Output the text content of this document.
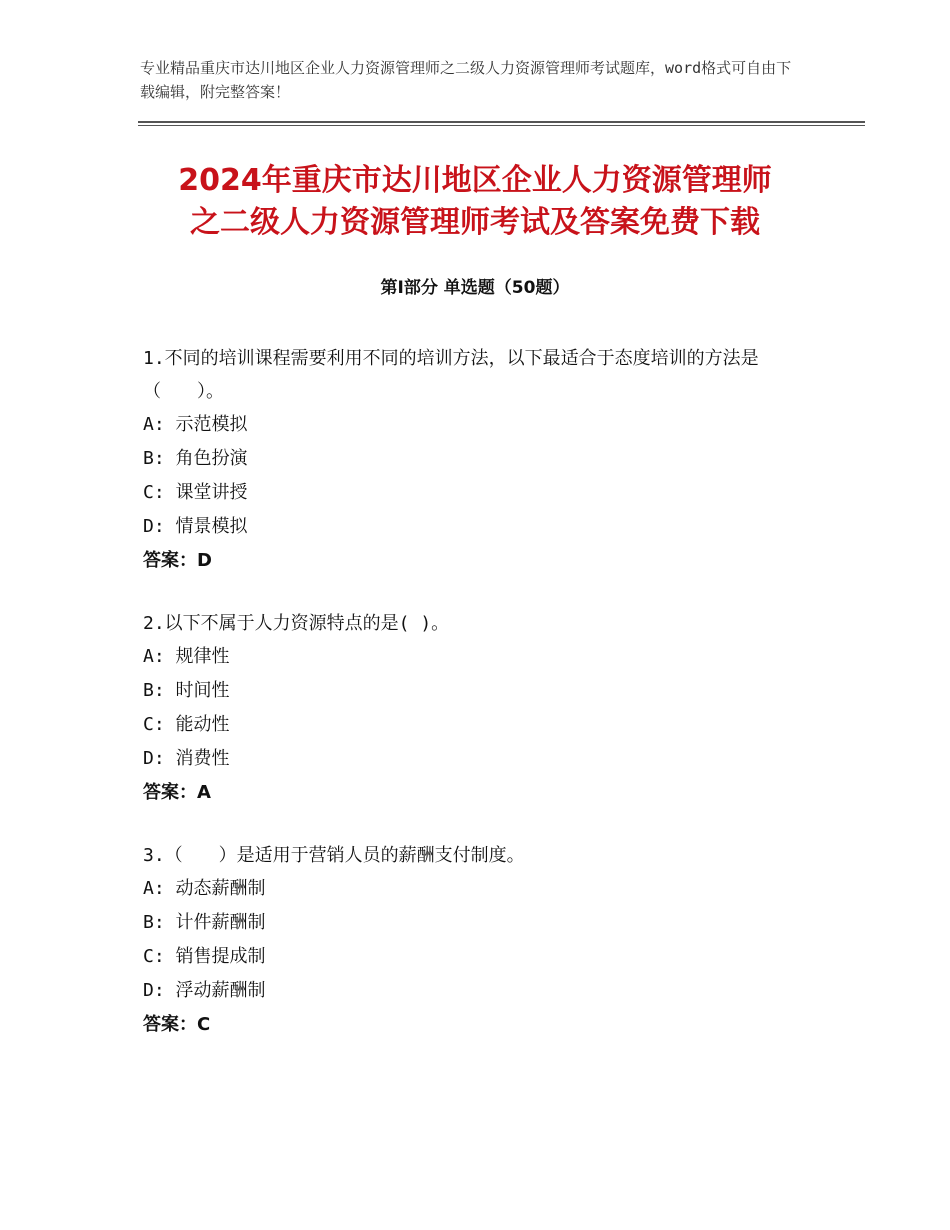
专业精品重庆市达川地区企业人力资源管理师之二级人力资源管理师考试题库，word格式可自由下载编辑，附完整答案！
2024年重庆市达川地区企业人力资源管理师
之二级人力资源管理师考试及答案免费下载
第Ⅰ部分 单选题（50题）

1.不同的培训课程需要利用不同的培训方法，以下最适合于态度培训的方法是（　　）。

A: 示范模拟

B: 角色扮演

C: 课堂讲授

D: 情景模拟

答案：D

2.以下不属于人力资源特点的是( )。

A: 规律性

B: 时间性

C: 能动性

D: 消费性

答案：A

3.（　　）是适用于营销人员的薪酬支付制度。

A: 动态薪酬制

B: 计件薪酬制

C: 销售提成制

D: 浮动薪酬制

答案：C
